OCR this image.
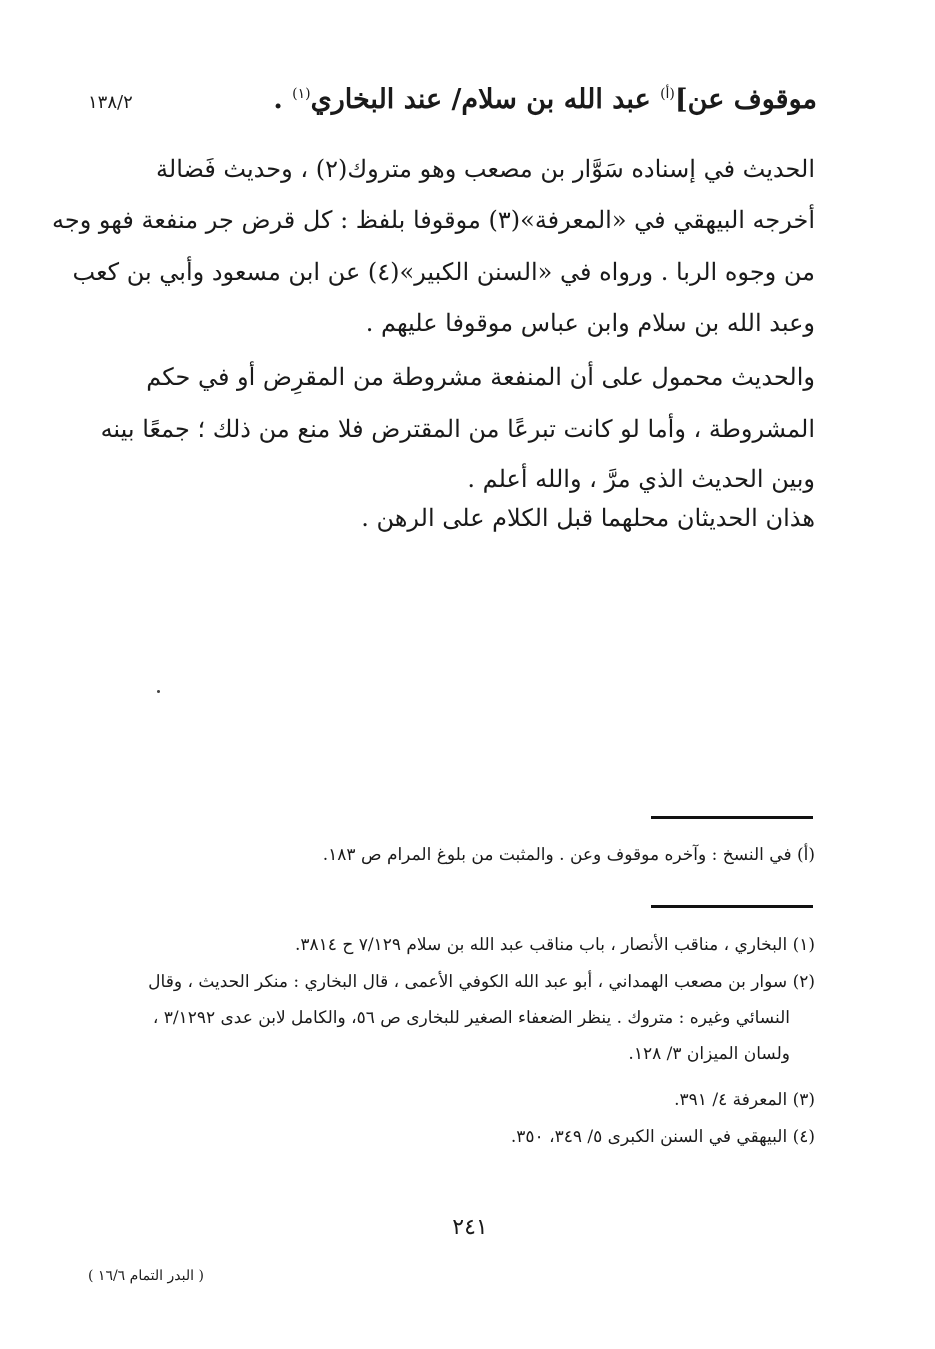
١٣٨/٢	موقوف عن]$^{(أ)}$ عبد الله بن سلام/ عند البخاري$^{(١)}$ .
الحديث في إسناده سَوَّار بن مصعب وهو متروك(٢) ، وحديث فَضالة
أخرجه البيهقي في «المعرفة»(٣) موقوفا بلفظ : كل قرض جر منفعة فهو وجه
من وجوه الربا . ورواه في «السنن الكبير»(٤) عن ابن مسعود وأبي بن كعب
وعبد الله بن سلام وابن عباس موقوفا عليهم .
والحديث محمول على أن المنفعة مشروطة من المقرِض أو في حكم
المشروطة ، وأما لو كانت تبرعًا من المقترض فلا منع من ذلك ؛ جمعًا بينه
وبين الحديث الذي مرَّ ، والله أعلم .
هذان الحديثان محلهما قبل الكلام على الرهن .
(أ) في النسخ : وآخره موقوف وعن . والمثبت من بلوغ المرام ص ١٨٣.
(١) البخاري ، مناقب الأنصار ، باب مناقب عبد الله بن سلام ٧/١٢٩ ح ٣٨١٤.
(٢) سوار بن مصعب الهمداني ، أبو عبد الله الكوفي الأعمى ، قال البخاري : منكر الحديث ، وقال
النسائي وغيره : متروك . ينظر الضعفاء الصغير للبخارى ص ٥٦، والكامل لابن عدى ٣/١٢٩٢ ،
ولسان الميزان ٣/ ١٢٨.
(٣) المعرفة ٤/ ٣٩١.
(٤) البيهقي في السنن الكبرى ٥/ ٣٤٩، ٣٥٠.
٢٤١
( البدر التمام ١٦/٦ )
